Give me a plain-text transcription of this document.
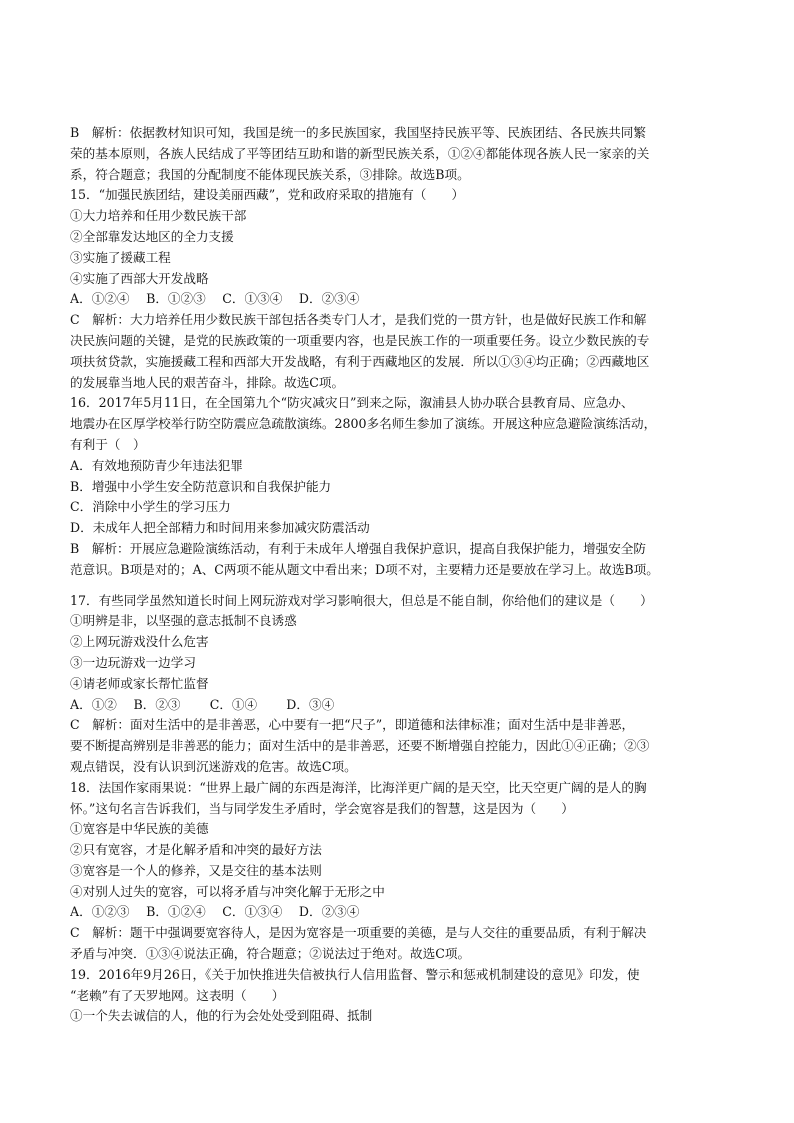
B　解析：依据教材知识可知，我国是统一的多民族国家，我国坚持民族平等、民族团结、各民族共同繁
荣的基本原则，各族人民结成了平等团结互助和谐的新型民族关系，①②④都能体现各族人民一家亲的关
系，符合题意；我国的分配制度不能体现民族关系，③排除。故选B项。
15．“加强民族团结，建设美丽西藏”，党和政府采取的措施有（　　）
①大力培养和任用少数民族干部
②全部靠发达地区的全力支援
③实施了援藏工程
④实施了西部大开发战略
A．①②④　 B．①②③　 C．①③④　 D．②③④
C　解析：大力培养任用少数民族干部包括各类专门人才，是我们党的一贯方针，也是做好民族工作和解
决民族问题的关键，是党的民族政策的一项重要内容，也是民族工作的一项重要任务。设立少数民族的专
项扶贫贷款，实施援藏工程和西部大开发战略，有利于西藏地区的发展．所以①③④均正确；②西藏地区
的发展靠当地人民的艰苦奋斗，排除。故选C项。
16．2017年5月11日，在全国第九个“防灾减灾日”到来之际，溆浦县人协办联合县教育局、应急办、
地震办在区厚学校举行防空防震应急疏散演练。2800多名师生参加了演练。开展这种应急避险演练活动，
有利于（　）
A．有效地预防青少年违法犯罪
B．增强中小学生安全防范意识和自我保护能力
C．消除中小学生的学习压力
D．未成年人把全部精力和时间用来参加减灾防震活动
B　解析：开展应急避险演练活动，有利于未成年人增强自我保护意识，提高自我保护能力，增强安全防
范意识。B项是对的；A、C两项不能从题文中看出来；D项不对，主要精力还是要放在学习上。故选B项。
17．有些同学虽然知道长时间上网玩游戏对学习影响很大，但总是不能自制，你给他们的建议是（　　）
①明辨是非，以坚强的意志抵制不良诱惑
②上网玩游戏没什么危害
③一边玩游戏一边学习
④请老师或家长帮忙监督
A．①②　 B．②③　　 C．①④　　 D．③④
C　解析：面对生活中的是非善恶，心中要有一把“尺子”，即道德和法律标准；面对生活中是非善恶，
要不断提高辨别是非善恶的能力；面对生活中的是非善恶，还要不断增强自控能力，因此①④正确；②③
观点错误，没有认识到沉迷游戏的危害。故选C项。
18．法国作家雨果说：“世界上最广阔的东西是海洋，比海洋更广阔的是天空，比天空更广阔的是人的胸
怀。”这句名言告诉我们，当与同学发生矛盾时，学会宽容是我们的智慧，这是因为（　　）
①宽容是中华民族的美德
②只有宽容，才是化解矛盾和冲突的最好方法
③宽容是一个人的修养，又是交往的基本法则
④对别人过失的宽容，可以将矛盾与冲突化解于无形之中
A．①②③　 B．①②④　 C．①③④　 D．②③④
C　解析：题干中强调要宽容待人，是因为宽容是一项重要的美德，是与人交往的重要品质，有利于解决
矛盾与冲突．①③④说法正确，符合题意；②说法过于绝对。故选C项。
19．2016年9月26日，《关于加快推进失信被执行人信用监督、警示和惩戒机制建设的意见》印发，使
“老赖”有了天罗地网。这表明（　　）
①一个失去诚信的人，他的行为会处处受到阻碍、抵制
